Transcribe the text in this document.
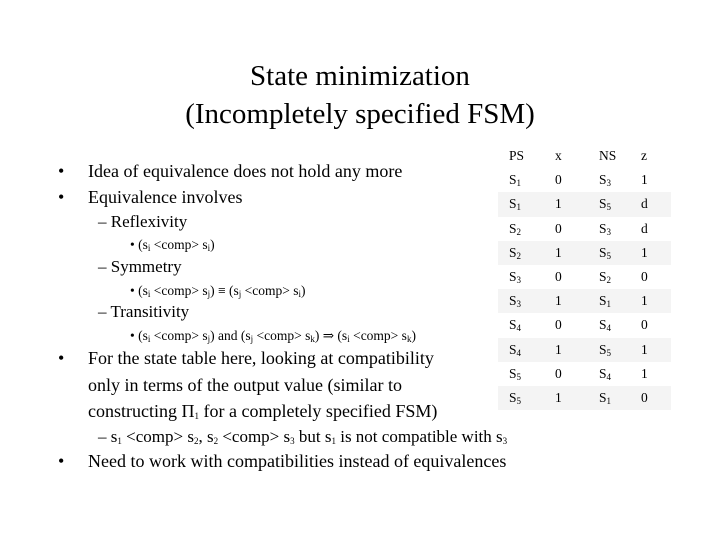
State minimization
(Incompletely specified FSM)
• Idea of equivalence does not hold any more
• Equivalence involves
– Reflexivity
• ($s_i$ <comp> $s_i$)
– Symmetry
• ($s_i$ <comp> $s_j) \equiv (s_j$ <comp> $s_i$)
– Transitivity
• ($s_i$ <comp> $s_j$) and ($s_j$ <comp> $s_k$) ⇒ ($s_i$ <comp> $s_k$)
• For the state table here, looking at compatibility
only in terms of the output value (similar to
constructing $\Pi_1$ for a completely specified FSM)
– $s_1$ <comp> $s_2$, $s_2$ <comp> $s_3$ but $s_1$ is not compatible with $s_3$
• Need to work with compatibilities instead of equivalences
PS	x	NS	z
$S_1$	0	$S_3$	1
$S_1$	1	$S_5$	d
$S_2$	0	$S_3$	d
$S_2$	1	$S_5$	1
$S_3$	0	$S_2$	0
$S_3$	1	$S_1$	1
$S_4$	0	$S_4$	0
$S_4$	1	$S_5$	1
$S_5$	0	$S_4$	1
$S_5$	1	$S_1$	0
